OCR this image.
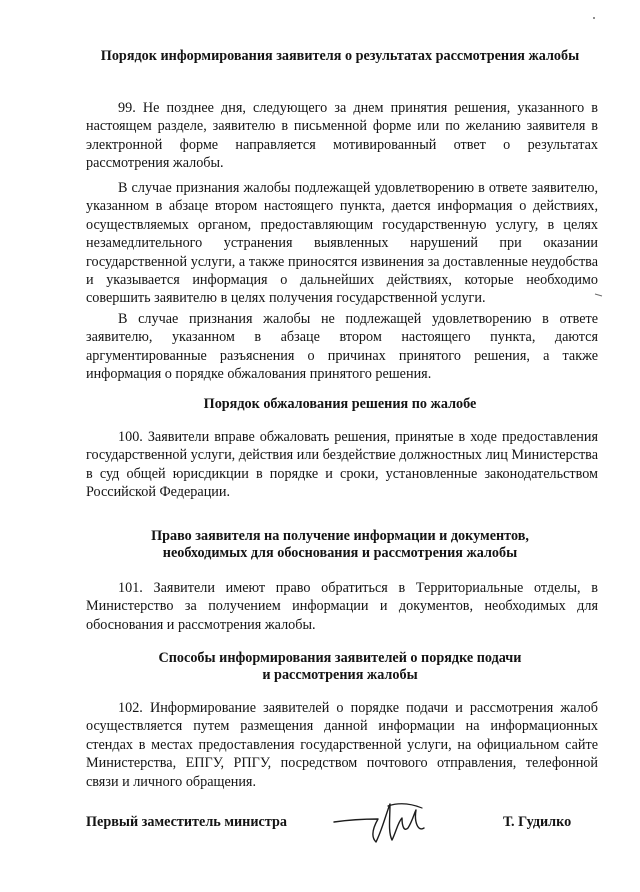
Порядок информирования заявителя о результатах рассмотрения жалобы

99. Не позднее дня, следующего за днем принятия решения, указанного в настоящем разделе, заявителю в письменной форме или по желанию заявителя в электронной форме направляется мотивированный ответ о результатах рассмотрения жалобы.

В случае признания жалобы подлежащей удовлетворению в ответе заявителю, указанном в абзаце втором настоящего пункта, дается информация о действиях, осуществляемых органом, предоставляющим государственную услугу, в целях незамедлительного устранения выявленных нарушений при оказании государственной услуги, а также приносятся извинения за доставленные неудобства и указывается информация о дальнейших действиях, которые необходимо совершить заявителю в целях получения государственной услуги.

В случае признания жалобы не подлежащей удовлетворению в ответе заявителю, указанном в абзаце втором настоящего пункта, даются аргументированные разъяснения о причинах принятого решения, а также информация о порядке обжалования принятого решения.

Порядок обжалования решения по жалобе

100. Заявители вправе обжаловать решения, принятые в ходе предоставления государственной услуги, действия или бездействие должностных лиц Министерства в суд общей юрисдикции в порядке и сроки, установленные законодательством Российской Федерации.

Право заявителя на получение информации и документов,
необходимых для обоснования и рассмотрения жалобы

101. Заявители имеют право обратиться в Территориальные отделы, в Министерство за получением информации и документов, необходимых для обоснования и рассмотрения жалобы.

Способы информирования заявителей о порядке подачи
и рассмотрения жалобы

102. Информирование заявителей о порядке подачи и рассмотрения жалоб осуществляется путем размещения данной информации на информационных стендах в местах предоставления государственной услуги, на официальном сайте Министерства, ЕПГУ, РПГУ, посредством почтового отправления, телефонной связи и личного обращения.

Первый заместитель министра	Т. Гудилко
